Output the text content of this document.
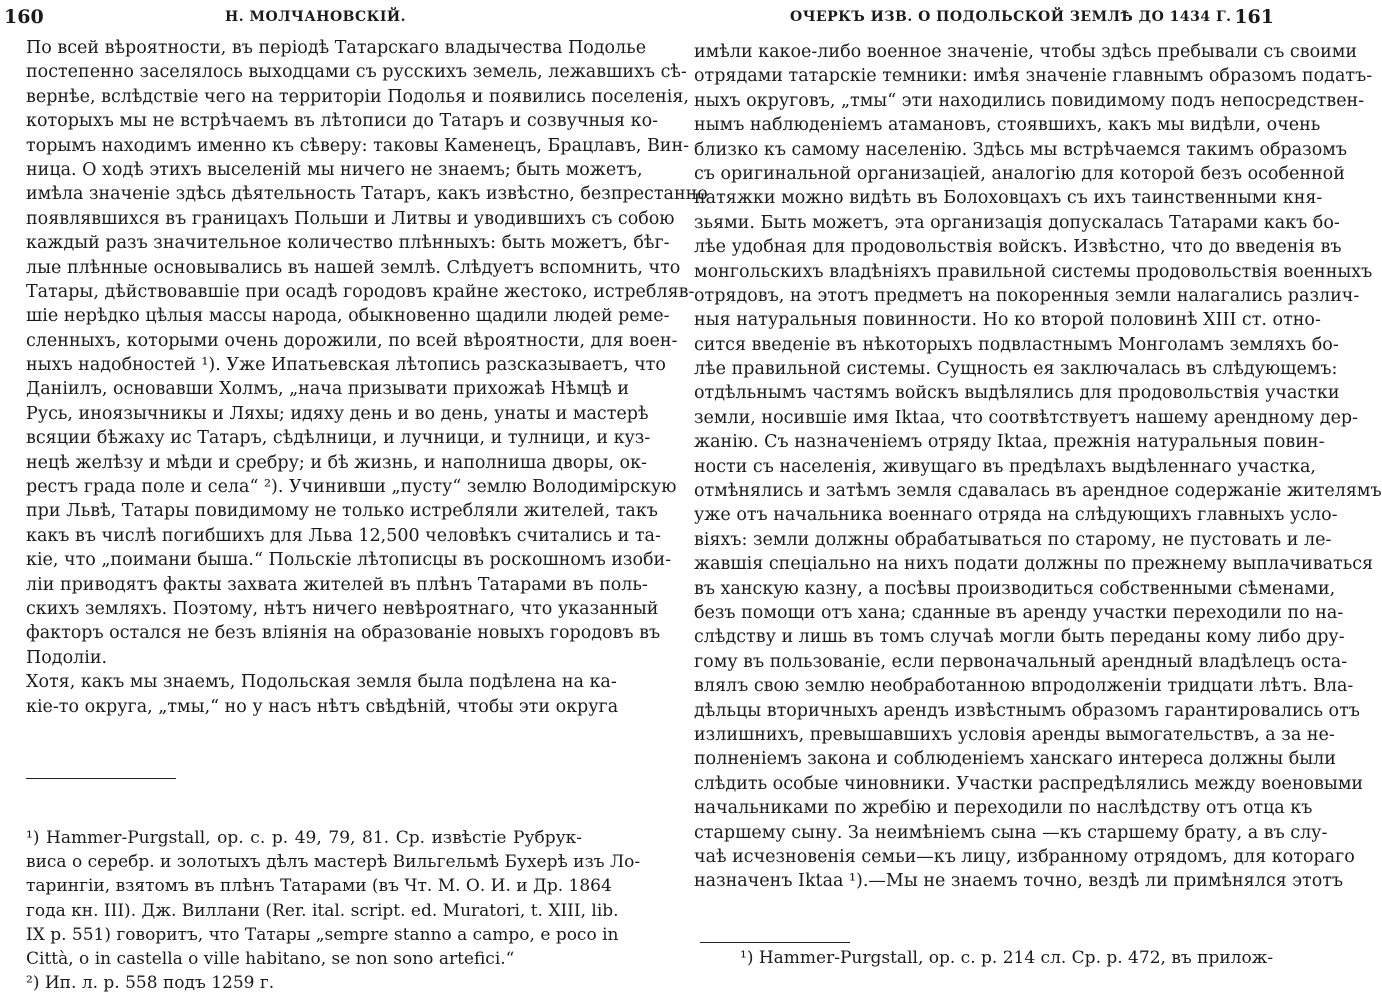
160	Н. МОЛЧАНОВСКІЙ.
По всей вѣроятности, въ періодѣ Татарскаго владычества Подолье
постепенно заселялось выходцами съ русскихъ земель, лежавшихъ сѣ-
вернѣе, вслѣдствіе чего на территоріи Подолья и появились поселенія,
которыхъ мы не встрѣчаемъ въ лѣтописи до Татаръ и созвучныя ко-
торымъ находимъ именно къ сѣверу: таковы Каменецъ, Брацлавъ, Вин-
ница. О ходѣ этихъ выселеній мы ничего не знаемъ; быть можетъ,
имѣла значеніе здѣсь дѣятельность Татаръ, какъ извѣстно, безпрестанно
появлявшихся въ границахъ Польши и Литвы и уводившихъ съ собою
каждый разъ значительное количество плѣнныхъ: быть можетъ, бѣг-
лые плѣнные основывались въ нашей землѣ. Слѣдуетъ вспомнить, что
Татары, дѣйствовавшіе при осадѣ городовъ крайне жестоко, истребляв-
шіе нерѣдко цѣлыя массы народа, обыкновенно щадили людей реме-
сленныхъ, которыми очень дорожили, по всей вѣроятности, для воен-
ныхъ надобностей ¹). Уже Ипатьевская лѣтопись разсказываетъ, что
Данiилъ, основавши Холмъ, „нача призывати прихожаѣ Нѣмцѣ и
Русь, иноязычникы и Ляхы; идяху день и во день, унаты и мастерѣ
всяции бѣжаху ис Татаръ, сѣдѣлници, и лучници, и тулници, и куз-
нецѣ желѣзу и мѣди и сребру; и бѣ жизнь, и наполниша дворы, ок-
рестъ града поле и села“ ²). Учинивши „пусту“ землю Володимірскую
при Львѣ, Татары повидимому не только истребляли жителей, такъ
какъ въ числѣ погибшихъ для Льва 12,500 человѣкъ считались и та-
кіе, что „поимани быша.“ Польскіе лѣтописцы въ роскошномъ изоби-
ліи приводятъ факты захвата жителей въ плѣнъ Татарами въ поль-
скихъ земляхъ. Поэтому, нѣтъ ничего невѣроятнаго, что указанный
факторъ остался не безъ вліянія на образованіе новыхъ городовъ въ
Подоліи.
Хотя, какъ мы знаемъ, Подольская земля была подѣлена на ка-
кіе-то округа, „тмы,“ но у насъ нѣтъ свѣдѣній, чтобы эти округа
¹) Hammer-Purgstall, op. c. p. 49, 79, 81. Ср. извѣстіе Рубрук-
виса о серебр. и золотыхъ дѣлъ мастерѣ Вильгельмѣ Бухерѣ изъ Ло-
тарингіи, взятомъ въ плѣнъ Татарами (въ Чт. М. О. И. и Др. 1864
года кн. III). Дж. Виллани (Rer. ital. script. ed. Muratori, t. XIII, lib.
IX p. 551) говоритъ, что Татары „sempre stanno a campo, e poco in
Città, o in castella o ville habitano, se non sono artefici.“
²) Ип. л. р. 558 подъ 1259 г.
ОЧЕРКЪ ИЗВ. О ПОДОЛЬСКОЙ ЗЕМЛѢ ДО 1434 Г. 161
имѣли какое-либо военное значеніе, чтобы здѣсь пребывали съ своими
отрядами татарскіе темники: имѣя значеніе главнымъ образомъ податъ-
ныхъ округовъ, „тмы“ эти находились повидимому подъ непосредствен-
нымъ наблюденіемъ атамановъ, стоявшихъ, какъ мы видѣли, очень
близко къ самому населенію. Здѣсь мы встрѣчаемся такимъ образомъ
съ оригинальной организаціей, аналогію для которой безъ особенной
натяжки можно видѣть въ Болоховцахъ съ ихъ таинственными кня-
зьями. Быть можетъ, эта организація допускалась Татарами какъ бо-
лѣе удобная для продовольствія войскъ. Извѣстно, что до введенія въ
монгольскихъ владѣніяхъ правильной системы продовольствія военныхъ
отрядовъ, на этотъ предметъ на покоренныя земли налагались различ-
ныя натуральныя повинности. Но ко второй половинѣ XIII ст. отно-
сится введеніе въ нѣкоторыхъ подвластнымъ Монголамъ земляхъ бо-
лѣе правильной системы. Сущность ея заключалась въ слѣдующемъ:
отдѣльнымъ частямъ войскъ выдѣлялись для продовольствія участки
земли, носившіе имя Iktaa, что соотвѣтствуетъ нашему арендному дер-
жанію. Съ назначеніемъ отряду Iktaa, прежнія натуральныя повин-
ности съ населенія, живущаго въ предѣлахъ выдѣленнаго участка,
отмѣнялись и затѣмъ земля сдавалась въ арендное содержаніе жителямъ
уже отъ начальника военнаго отряда на слѣдующихъ главныхъ усло-
віяхъ: земли должны обрабатываться по старому, не пустовать и ле-
жавшія спеціально на нихъ подати должны по прежнему выплачиваться
въ ханскую казну, а посѣвы производиться собственными сѣменами,
безъ помощи отъ хана; сданные въ аренду участки переходили по на-
слѣдству и лишь въ томъ случаѣ могли быть переданы кому либо дру-
гому въ пользованіе, если первоначальный арендный владѣлецъ оста-
влялъ свою землю необработанною впродолженіи тридцати лѣтъ. Вла-
дѣльцы вторичныхъ арендъ извѣстнымъ образомъ гарантировались отъ
излишнихъ, превышавшихъ условія аренды вымогательствъ, а за не-
полненіемъ закона и соблюденіемъ ханскаго интереса должны были
слѣдить особые чиновники. Участки распредѣлялись между военовыми
начальниками по жребію и переходили по наслѣдству отъ отца къ
старшему сыну. За неимѣніемъ сына —къ старшему брату, а въ слу-
чаѣ исчезновенія семьи—къ лицу, избранному отрядомъ, для котораго
назначенъ Iktaa ¹).—Мы не знаемъ точно, вездѣ ли примѣнялся этотъ
¹) Hammer-Purgstall, op. c. p. 214 сл. Ср. р. 472, въ прилож-
